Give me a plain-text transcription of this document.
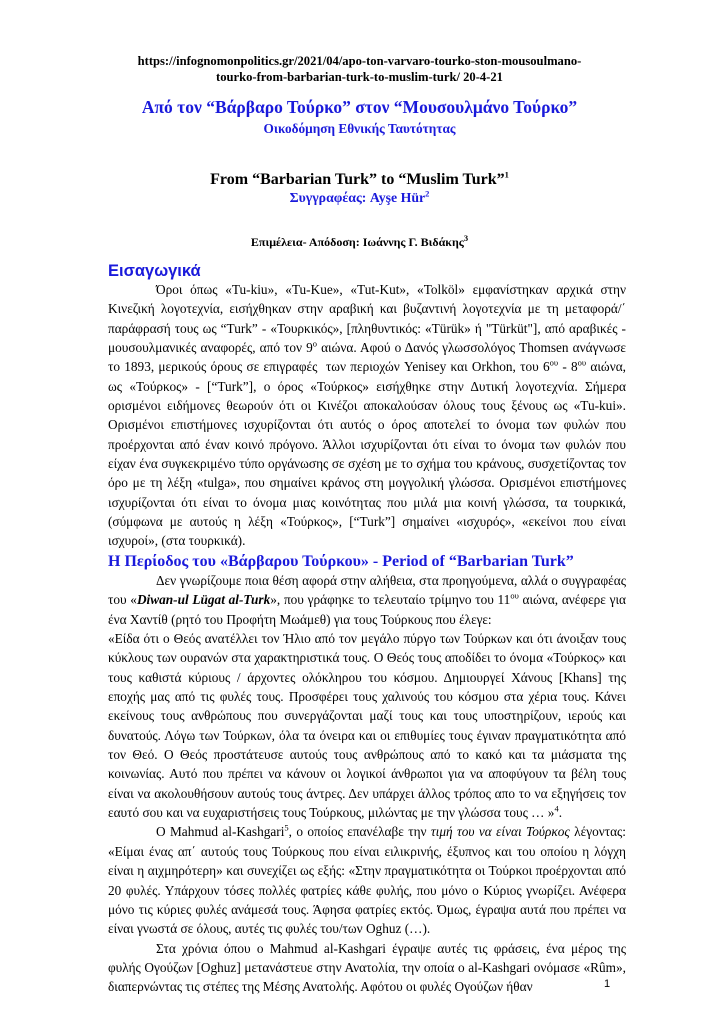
https://infognomonpolitics.gr/2021/04/apo-ton-varvaro-tourko-ston-mousoulmano-
tourko-from-barbarian-turk-to-muslim-turk/ 20-4-21
Από τον “Βάρβαρο Τούρκο” στον “Μουσουλμάνο Τούρκο”
Οικοδόμηση Εθνικής Ταυτότητας
From “Barbarian Turk” to “Muslim Turk”$^1$
Συγγραφέας: Ayşe Hür$^2$
Επιμέλεια- Απόδοση: Ιωάννης Γ. Βιδάκης$^3$
Εισαγωγικά

Όροι όπως «Tu-kiu», «Tu-Kue», «Tut-Kut», «Tolköl» εμφανίστηκαν αρχικά στην Κινεζική λογοτεχνία, εισήχθηκαν στην αραβική και βυζαντινή λογοτεχνία με τη μεταφορά/΄ παράφρασή τους ως “Turk” - «Τουρκικός», [πληθυντικός: «Türük» ή "Türküt"], από αραβικές - μουσουλμανικές αναφορές, από τον $9^o$ αιώνα. Αφού ο Δανός γλωσσολόγος Thomsen ανάγνωσε το 1893, μερικούς όρους σε επιγραφές  των περιοχών Yenisey και Orkhon, του $6^{o\upsilon} - 8^{o\upsilon}$ αιώνα, ως «Τούρκος» - [“Turk”], ο όρος «Τούρκος» εισήχθηκε στην Δυτική λογοτεχνία. Σήμερα ορισμένοι ειδήμονες θεωρούν ότι οι Κινέζοι αποκαλούσαν όλους τους ξένους ως «Tu-kui». Ορισμένοι επιστήμονες ισχυρίζονται ότι αυτός ο όρος αποτελεί το όνομα των φυλών που προέρχονται από έναν κοινό πρόγονο. Άλλοι ισχυρίζονται ότι είναι το όνομα των φυλών που είχαν ένα συγκεκριμένο τύπο οργάνωσης σε σχέση με το σχήμα του κράνους, συσχετίζοντας τον όρο με τη λέξη «tulga», που σημαίνει κράνος στη μογγολική γλώσσα. Ορισμένοι επιστήμονες ισχυρίζονται ότι είναι το όνομα μιας κοινότητας που μιλά μια κοινή γλώσσα, τα τουρκικά, (σύμφωνα με αυτούς η λέξη «Τούρκος», [“Turk”] σημαίνει «ισχυρός», «εκείνοι που είναι ισχυροί», (στα τουρκικά).

Η Περίοδος του «Βάρβαρου Τούρκου» - Period of “Barbarian Turk”

Δεν γνωρίζουμε ποια θέση αφορά στην αλήθεια, στα προηγούμενα, αλλά ο συγγραφέας του «Diwan-ul Lügat al-Turk», που γράφηκε το τελευταίο τρίμηνο του $11^{o\upsilon}$ αιώνα, ανέφερε για ένα Χαντίθ (ρητό του Προφήτη Μωάμεθ) για τους Τούρκους που έλεγε:

«Είδα ότι ο Θεός ανατέλλει τον Ήλιο από τον μεγάλο πύργο των Τούρκων και ότι άνοιξαν τους κύκλους των ουρανών στα χαρακτηριστικά τους. Ο Θεός τους αποδίδει το όνομα «Τούρκος» και τους καθιστά κύριους / άρχοντες ολόκληρου του κόσμου. Δημιουργεί Χάνους [Khans] της εποχής μας από τις φυλές τους. Προσφέρει τους χαλινούς του κόσμου στα χέρια τους. Κάνει εκείνους τους ανθρώπους που συνεργάζονται μαζί τους και τους υποστηρίζουν, ιερούς και δυνατούς. Λόγω των Τούρκων, όλα τα όνειρα και οι επιθυμίες τους έγιναν πραγματικότητα από τον Θεό. Ο Θεός προστάτευσε αυτούς τους ανθρώπους από το κακό και τα μιάσματα της κοινωνίας. Αυτό που πρέπει να κάνουν οι λογικοί άνθρωποι για να αποφύγουν τα βέλη τους είναι να ακολουθήσουν αυτούς τους άντρες. Δεν υπάρχει άλλος τρόπος απο το να εξηγήσεις τον εαυτό σου και να ευχαριστήσεις τους Τούρκους, μιλώντας με την γλώσσα τους … »$^4$.

Ο Mahmud al-Kashgari$^5$, ο οποίος επανέλαβε την τιμή του να είναι Τούρκος λέγοντας: «Είμαι ένας απ΄ αυτούς τους Τούρκους που είναι ειλικρινής, έξυπνος και του οποίου η λόγχη είναι η αιχμηρότερη» και συνεχίζει ως εξής: «Στην πραγματικότητα οι Τούρκοι προέρχονται από 20 φυλές. Υπάρχουν τόσες πολλές φατρίες κάθε φυλής, που μόνο ο Κύριος γνωρίζει. Ανέφερα μόνο τις κύριες φυλές ανάμεσά τους. Άφησα φατρίες εκτός. Όμως, έγραψα αυτά που πρέπει να είναι γνωστά σε όλους, αυτές τις φυλές του/των Oghuz (…).

Στα χρόνια όπου ο Mahmud al-Kashgari έγραψε αυτές τις φράσεις, ένα μέρος της φυλής Ογούζων [Oghuz] μετανάστευε στην Ανατολία, την οποία ο al-Kashgari ονόμασε «Rûm», διαπερνώντας τις στέπες της Μέσης Ανατολής. Αφότου οι φυλές Ογούζων ήθαν	1
